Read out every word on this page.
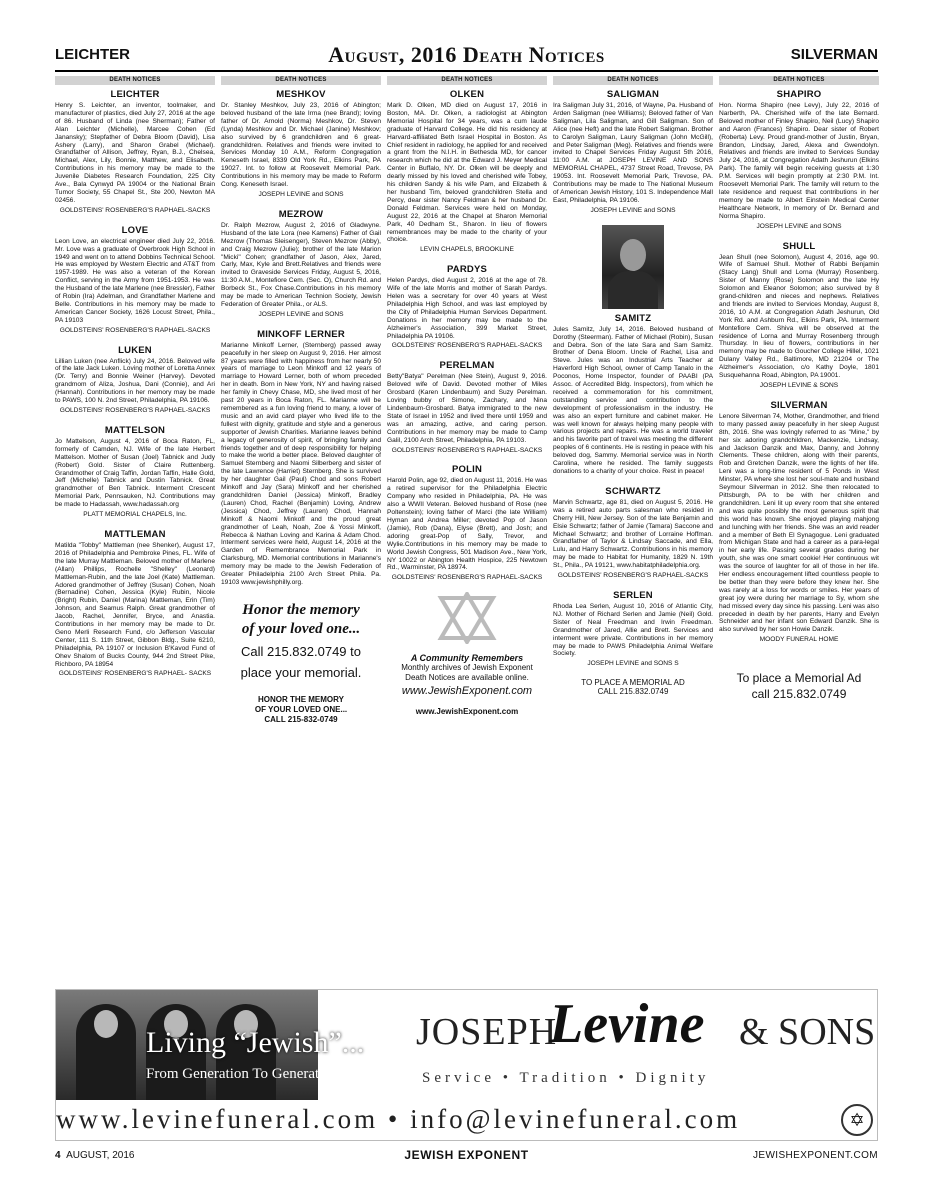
LEICHTER	August, 2016 Death Notices	SILVERMAN
DEATH NOTICES
LEICHTER

Henry S. Leichter, an inventor, toolmaker, and manufacturer of plastics, died July 27, 2016 at the age of 86. Husband of Linda (nee Sherman); Father of Alan Leichter (Michelle), Marcee Cohen (Ed Janansky); Stepfather of Debra Bloom (David), Lisa Ashery (Larry), and Sharon Grabel (Michael). Grandfather of Allison, Jeffrey, Ryan, B.J., Chelsea, Michael, Alex, Lily, Bonnie, Matthew, and Elisabeth. Contributions in his memory may be made to the Juvenile Diabetes Research Foundation, 225 City Ave., Bala Cynwyd PA 19004 or the National Brain Tumor Society, 55 Chapel St., Ste 200, Newton MA 02456.

GOLDSTEINS' ROSENBERG'S RAPHAEL-SACKS
LOVE

Leon Love, an electrical engineer died July 22, 2016. Mr. Love was a graduate of Overbrook High School in 1949 and went on to attend Dobbins Technical School. He was employed by Western Electric and AT&T from 1957-1989. He was also a veteran of the Korean Conflict, serving in the Army from 1951-1953. He was the Husband of the late Marlene (nee Bressler), Father of Robin (Ira) Adelman, and Grandfather Marlene and Belle. Contributions in his memory may be made to American Cancer Society, 1626 Locust Street, Phila., PA 19103

GOLDSTEINS' ROSENBERG'S RAPHAEL-SACKS
LUKEN

Lillian Luken (nee Anflick) July 24, 2016. Beloved wife of the late Jack Luken. Loving mother of Loretta Annex (Dr. Terry) and Bonnie Weiner (Harvey). Devoted grandmom of Aliza, Joshua, Dani (Connie), and Ari (Hannah). Contributions in her memory may be made to PAWS, 100 N. 2nd Street, Philadelphia, PA 19106.

GOLDSTEINS' ROSENBERG'S RAPHAEL-SACKS
MATTELSON

Jo Mattelson, August 4, 2016 of Boca Raton, FL, formerly of Camden, NJ. Wife of the late Herbert Mattelson. Mother of Susan (Joel) Tabnick and Judy (Robert) Gold. Sister of Claire Ruttenberg. Grandmother of Craig Taffin, Jordan Taffin, Halle Gold, Jeff (Michelle) Tabnick and Dustin Tabnick. Great grandmother of Ben Tabnick. Interment Crescent Memorial Park, Pennsauken, NJ. Contributions may be made to Hadassah, www.hadassah.org

PLATT MEMORIAL CHAPELS, Inc.
MATTLEMAN

Matilda "Tobby" Mattleman (nee Shenker), August 17, 2016 of Philadelphia and Pembroke Pines, FL. Wife of the late Murray Mattleman. Beloved mother of Marlene (Allan) Phillips, Rochelle "Shelley" (Leonard) Mattleman-Rubin, and the late Joel (Kate) Mattleman. Adored grandmother of Jeffrey (Susan) Cohen, Noah (Bernadine) Cohen, Jessica (Kyle) Rubin, Nicole (Bright) Rubin, Daniel (Marina) Mattleman, Erin (Tim) Johnson, and Seamus Ralph. Great grandmother of Jacob, Rachel, Jennifer, Bryce, and Anastia. Contributions in her memory may be made to Dr. Geno Merli Research Fund, c/o Jefferson Vascular Center, 111 S. 11th Street, Gibbon Bldg., Suite 6210, Philadelphia, PA 19107 or Inclusion B'Kavod Fund of Ohev Shalom of Bucks County, 944 2nd Street Pike, Richboro, PA 18954

GOLDSTEINS' ROSENBERG'S RAPHAEL- SACKS
DEATH NOTICES
MESHKOV

Dr. Stanley Meshkov, July 23, 2016 of Abington; beloved husband of the late Irma (nee Brand); loving father of Dr. Arnold (Norma) Meshkov, Dr. Steven (Lynda) Meshkov and Dr. Michael (Janine) Meshkov; also survived by 6 grandchildren and 6 great-grandchildren. Relatives and friends were invited to Services Monday 10 A.M., Reform Congregation Keneseth Israel, 8339 Old York Rd., Elkins Park, PA 19027. Int. to follow at Roosevelt Memorial Park. Contributions in his memory may be made to Reform Cong. Keneseth Israel.

JOSEPH LEVINE and SONS
MEZROW

Dr. Ralph Mezrow, August 2, 2016 of Gladwyne. Husband of the late Lora (nee Kamens) Father of Gail Mezrow (Thomas Sleisenger), Steven Mezrow (Abby), and Craig Mezrow (Julie); brother of the late Marion "Micki" Cohen; grandfather of Jason, Alex, Jared, Carly, Max, Kyle and Brett.Relatives and friends were invited to Graveside Services Friday, August 5, 2016, 11:30 A.M., Montefiore Cem. (Sec. O), Church Rd. and Borbeck St., Fox Chase.Contributions in his memory may be made to American Technion Society, Jewish Federation of Greater Phila., or ALS.

JOSEPH LEVINE and SONS
MINKOFF LERNER

Marianne Minkoff Lerner, (Sternberg) passed away peacefully in her sleep on August 9, 2016. Her almost 87 years were filled with happiness from her nearly 50 years of marriage to Leon Minkoff and 12 years of marriage to Howard Lerner, both of whom preceded her in death. Born in New York, NY and having raised her family in Chevy Chase, MD, she lived most of her past 20 years in Boca Raton, FL. Marianne will be remembered as a fun loving friend to many, a lover of music and an avid card player who lived life to the fullest with dignity, gratitude and style and a generous supporter of Jewish Charities. Marianne leaves behind a legacy of generosity of spirit, of bringing family and friends together and of deep responsibility for helping to make the world a better place. Beloved daughter of Samuel Sternberg and Naomi Silberberg and sister of the late Lawrence (Harriet) Sternberg. She is survived by her daughter Gail (Paul) Chod and sons Robert Minkoff and Jay (Sara) Minkoff and her cherished grandchildren Daniel (Jessica) Minkoff, Bradley (Lauren) Chod, Rachel (Benjamin) Loving, Andrew (Jessica) Chod, Jeffrey (Lauren) Chod, Hannah Minkoff & Naomi Minkoff and the proud great grandmother of Leah, Noah, Zoe & Yossi Minkoff, Rebecca & Nathan Loving and Karina & Adam Chod. Interment services were held, August 14, 2016 at the Garden of Remembrance Memorial Park in Clarksburg, MD. Memorial contributions in Marianne's memory may be made to the Jewish Federation of Greater Philadelphia 2100 Arch Street Phila. Pa. 19103 www.jewishphilly.org.

Honor the memory
of your loved one...
Call 215.832.0749 to
place your memorial.
HONOR THE MEMORY
OF YOUR LOVED ONE...
CALL 215-832-0749
DEATH NOTICES
OLKEN

Mark D. Olken, MD died on August 17, 2016 in Boston, MA. Dr. Olken, a radiologist at Abington Memorial Hospital for 34 years, was a cum laude graduate of Harvard College. He did his residency at Harvard-affiliated Beth Israel Hospital in Boston. As Chief resident in radiology, he applied for and received a grant from the N.I.H. in Bethesda MD, for cancer research which he did at the Edward J. Meyer Medical Center in Buffalo, NY. Dr. Olken will be deeply and dearly missed by his loved and cherished wife Tobey, his children Sandy & his wife Pam, and Elizabeth & her husband Tim, beloved grandchildren Stella and Percy, dear sister Nancy Feldman & her husband Dr. Donald Feldman. Services were held on Monday, August 22, 2016 at the Chapel at Sharon Memorial Park, 40 Dedham St., Sharon. In lieu of flowers remembrances may be made to the charity of your choice.

LEVIN CHAPELS, BROOKLINE
PARDYS

Helen Pardys, died August 2, 2016 at the age of 78. Wife of the late Morris and mother of Sarah Pardys. Helen was a secretary for over 40 years at West Philadelphia High School, and was last employed by the City of Philadelphia Human Services Department. Donations in her memory may be made to the Alzheimer's Association, 399 Market Street, Philadelphia PA 19106.

GOLDSTEINS' ROSENBERG'S RAPHAEL-SACKS
PERELMAN

Betty"Batya" Perelman (Nee Stein), August 9, 2016. Beloved wife of David. Devoted mother of Miles Grosbard (Karen Lindenbaum) and Suzy Perelman. Loving bubby of Simone, Zachary, and Nina Lindenbaum-Grosbard. Batya immigrated to the new State of Israel in 1952 and lived there until 1959 and was an amazing, active, and caring person. Contributions in her memory may be made to Camp Galil, 2100 Arch Street, Philadelphia, PA 19103.

GOLDSTEINS' ROSENBERG'S RAPHAEL-SACKS
POLIN

Harold Polin, age 92, died on August 11, 2016. He was a retired supervisor for the Philadelphia Electric Company who resided in Philadelphia, PA. He was also a WWII Veteran. Beloved husband of Rose (nee Poltenstein); loving father of Marci (the late William) Hyman and Andrea Miller; devoted Pop of Jason (Jamie), Rob (Dana), Elyse (Brett), and Josh; and adoring great-Pop of Sally, Trevor, and Wylie.Contributions in his memory may be made to World Jewish Congress, 501 Madison Ave., New York, NY 10022 or Abington Health Hospice, 225 Newtown Rd., Warminster, PA 18974.

GOLDSTEINS' ROSENBERG'S RAPHAEL-SACKS
A Community Remembers
Monthly archives of Jewish Exponent
Death Notices are available online.
www.JewishExponent.com
www.JewishExponent.com
DEATH NOTICES
SALIGMAN

Ira Saligman July 31, 2016, of Wayne, Pa. Husband of Arden Saligman (nee Williams); Beloved father of Van Saligman, Lila Saligman, and Gill Saligman. Son of Alice (nee Heft) and the late Robert Saligman. Brother to Carolyn Saligman, Laury Saligman (John McGill), and Peter Saligman (Meg). Relatives and friends were invited to Chapel Services Friday August 5th 2016, 11:00 A.M. at JOSEPH LEVINE AND SONS MEMORIAL CHAPEL, 4737 Street Road, Trevose, PA 19053. Int. Roosevelt Memorial Park, Trevose, PA. Contributions may be made to The National Museum of American Jewish History, 101 S. Independence Mall East, Philadelphia, PA 19106.

JOSEPH LEVINE and SONS
SAMITZ

Jules Samitz, July 14, 2016. Beloved husband of Dorothy (Steerman). Father of Michael (Robin), Susan and Debra. Son of the late Sara and Sam Samitz. Brother of Dena Bloom. Uncle of Rachel, Lisa and Steve. Jules was an Industrial Arts Teacher at Haverford High School, owner of Camp Tanalo in the Poconos, Home Inspector, founder of PAABI (PA Assoc. of Accredited Bldg. Inspectors), from which he received a commemoration for his commitment, outstanding service and contribution to the development of professionalism in the industry. He was also an expert furniture and cabinet maker. He was well known for always helping many people with various projects and repairs. He was a world traveler and his favorite part of travel was meeting the different peoples of 6 continents. He is resting in peace with his beloved dog, Sammy. Memorial service was in North Carolina, where he resided. The family suggests donations to a charity of your choice. Rest in peace!

SCHWARTZ

Marvin Schwartz, age 81, died on August 5, 2016. He was a retired auto parts salesman who resided in Cherry Hill, New Jersey. Son of the late Benjamin and Elsie Schwartz; father of Jamie (Tamara) Saccone and Michael Schwartz; and brother of Lorraine Hoffman. Grandfather of Taylor & Lindsay Saccade, and Ella, Lulu, and Harry Schwartz. Contributions in his memory may be made to Habitat for Humanity, 1829 N. 19th St., Phila., PA 19121, www.habitatphiladelphia.org.

GOLDSTEINS' ROSENBERG'S RAPHAEL-SACKS
SERLEN

Rhoda Lea Serlen, August 10, 2016 of Atlantic City, NJ. Mother of Richard Serlen and Jamie (Neil) Gold. Sister of Neal Freedman and Irwin Freedman. Grandmother of Jared, Allie and Brett. Services and interment were private. Contributions in her memory may be made to PAWS Philadelphia Animal Welfare Society.

JOSEPH LEVINE and SONS S
TO PLACE A MEMORIAL AD
CALL 215.832.0749
DEATH NOTICES
SHAPIRO

Hon. Norma Shapiro (nee Levy), July 22, 2016 of Narberth, PA. Cherished wife of the late Bernard. Beloved mother of Finley Shapiro, Neil (Lucy) Shapiro and Aaron (Frances) Shapiro. Dear sister of Robert (Roberta) Levy. Proud grand-mother of Justin, Bryan, Brandon, Lindsay, Jared, Alexa and Gwendolyn. Relatives and friends are invited to Services Sunday July 24, 2016, at Congregation Adath Jeshurun (Elkins Park). The family will begin receiving guests at 1:30 P.M. Services will begin promptly at 2:30 P.M. Int. Roosevelt Memorial Park. The family will return to the late residence and request that contributions in her memory be made to Albert Einstein Medical Center Healthcare Network, In memory of Dr. Bernard and Norma Shapiro.

JOSEPH LEVINE and SONS
SHULL

Jean Shull (nee Solomon), August 4, 2016, age 90. Wife of Samuel Shull. Mother of Rabbi Benjamin (Stacy Lang) Shull and Lorna (Murray) Rosenberg. Sister of Manny (Rose) Solomon and the late Hy Solomon and Eleanor Solomon; also survived by 8 grand-children and nieces and nephews. Relatives and friends are invited to Services Monday, August 8, 2016, 10 A.M. at Congregation Adath Jeshurun, Old York Rd. and Ashburn Rd., Elkins Park, PA. Interment Montefiore Cem. Shiva will be observed at the residence of Lorna and Murray Rosenberg through Thursday. In lieu of flowers, contributions in her memory may be made to Goucher College Hillel, 1021 Dulany Valley Rd., Baltimore, MD 21204 or The Alzheimer's Association, c/o Kathy Doyle, 1801 Susquehanna Road, Abington, PA 19001.

JOSEPH LEVINE & SONS
SILVERMAN

Lenore Silverman 74, Mother, Grandmother, and friend to many passed away peacefully in her sleep August 8th, 2016. She was lovingly referred to as "Mine," by her six adoring grandchildren, Mackenzie, Lindsay, and Jackson Danzik and Max, Danny, and Johnny Clements. These children, along with their parents, Rob and Gretchen Danzik, were the lights of her life. Leni was a long-time resident of 5 Ponds in West Minster, PA where she lost her soul-mate and husband Seymour Silverman in 2012. She then relocated to Pittsburgh, PA to be with her children and grandchildren. Leni lit up every room that she entered and was quite possibly the most generous spirit that this world has known. She enjoyed playing mahjong and lunching with her friends. She was an avid reader and a member of Beth El Synagogue. Leni graduated from Michigan State and had a career as a para-legal in her early life. Passing several grades during her youth, she was one smart cookie! Her continuous wit was the source of laughter for all of those in her life. Her endless encouragement lifted countless people to be better than they were before they knew her. She was rarely at a loss for words or smiles. Her years of great joy were during her marriage to Sy, whom she had missed every day since his passing. Leni was also preceded in death by her parents, Harry and Evelyn Schneider and her infant son Edward Danzik. She is also survived by her son Howie Danzik.

MOODY FUNERAL HOME
To place a Memorial Ad
call 215.832.0749
Living “Jewish”...
From Generation To Generation.
JOSEPH
Levine & SONS
Service • Tradition • Dignity
www.levinefuneral.com • info@levinefuneral.com	✡
4 AUGUST, 2016	JEWISH EXPONENT	JEWISHEXPONENT.COM
